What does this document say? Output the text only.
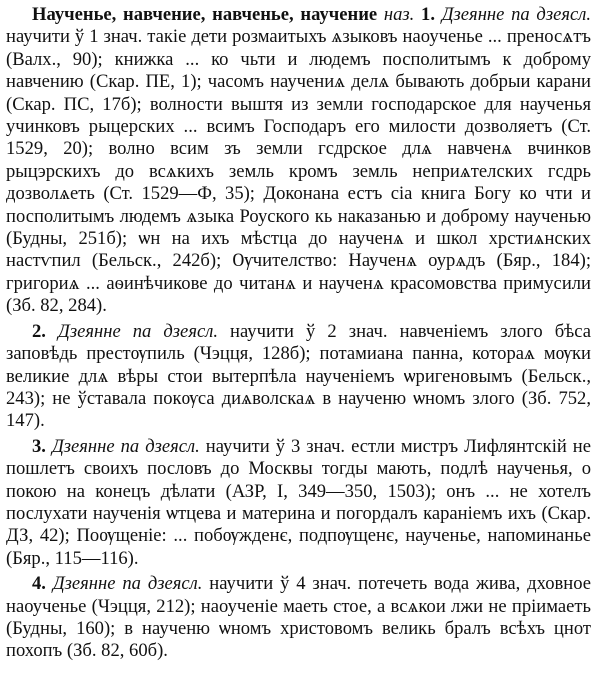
Наученье, навчение, навченье, научение наз. 1. Дзеянне па дзеясл. научити ў 1 знач. такіе дети розмаитыхъ ѧзыковъ наоученье ... преносѧтъ (Валх., 90); книжка ... ко чьти и людемъ посполитымъ к доброму навчению (Скар. ПЕ, 1); часомъ научениѧ делѧ бывають добрыи карани (Скар. ПС, 17б); волности выштя из земли господарское для наученья учинковъ рыцерских ... всимъ Господаръ его милости дозволяетъ (Ст. 1529, 20); волно всим зъ земли гсдрское длѧ навченѧ вчинков рыцэрскихъ до всѧкихъ земль кромъ земль неприѧтелских гсдрь дозволѧеть (Ст. 1529—Ф, 35); Доконана естъ сіа книга Богу ко чти и посполитымъ людемъ ѧзыка Роуского кь наказанью и доброму наученью (Будны, 251б); ѡн на ихъ мѣстца до наученѧ и школ хрстиѧнских настѵпил (Бельск., 242б); Ѹчителство: Наученѧ оурѧдъ (Бяр., 184); григориѧ ... аѳинѣчикове до читанѧ и наученѧ красомовства примусили (Зб. 82, 284).

2. Дзеянне па дзеясл. научити ў 2 знач. навченіемъ злого бѣса заповѣдь престѹпиль (Чэцця, 128б); потамиана панна, котораѧ мѹки великие длѧ вѣры стои вытерпѣла наученіемъ ѡригеновымъ (Бельск., 243); не ўставала покѹса диѧволскаѧ в наученю ѡномъ злого (Зб. 752, 147).

3. Дзеянне па дзеясл. научити ў 3 знач. естли мистръ Лифлянтскій не пошлетъ своихъ пословъ до Москвы тогды мають, подлѣ наученья, о покою на конецъ дѣлати (АЗР, I, 349—350, 1503); онъ ... не хотелъ послухати наученія ѡтцева и материна и погордалъ караніемъ ихъ (Скар. ДЗ, 42); Поѹщеніе: ... побѹжденє, подпѹщенє, наученье, напоминанье (Бяр., 115—116).

4. Дзеянне па дзеясл. научити ў 4 знач. потечеть вода жива, дховное наоученье (Чэцця, 212); наоученіе маеть стое, а всѧкои лжи не пріимаеть (Будны, 160); в наученю ѡномъ христовомъ великь бралъ всѣхъ цнот похопъ (Зб. 82, 60б).
